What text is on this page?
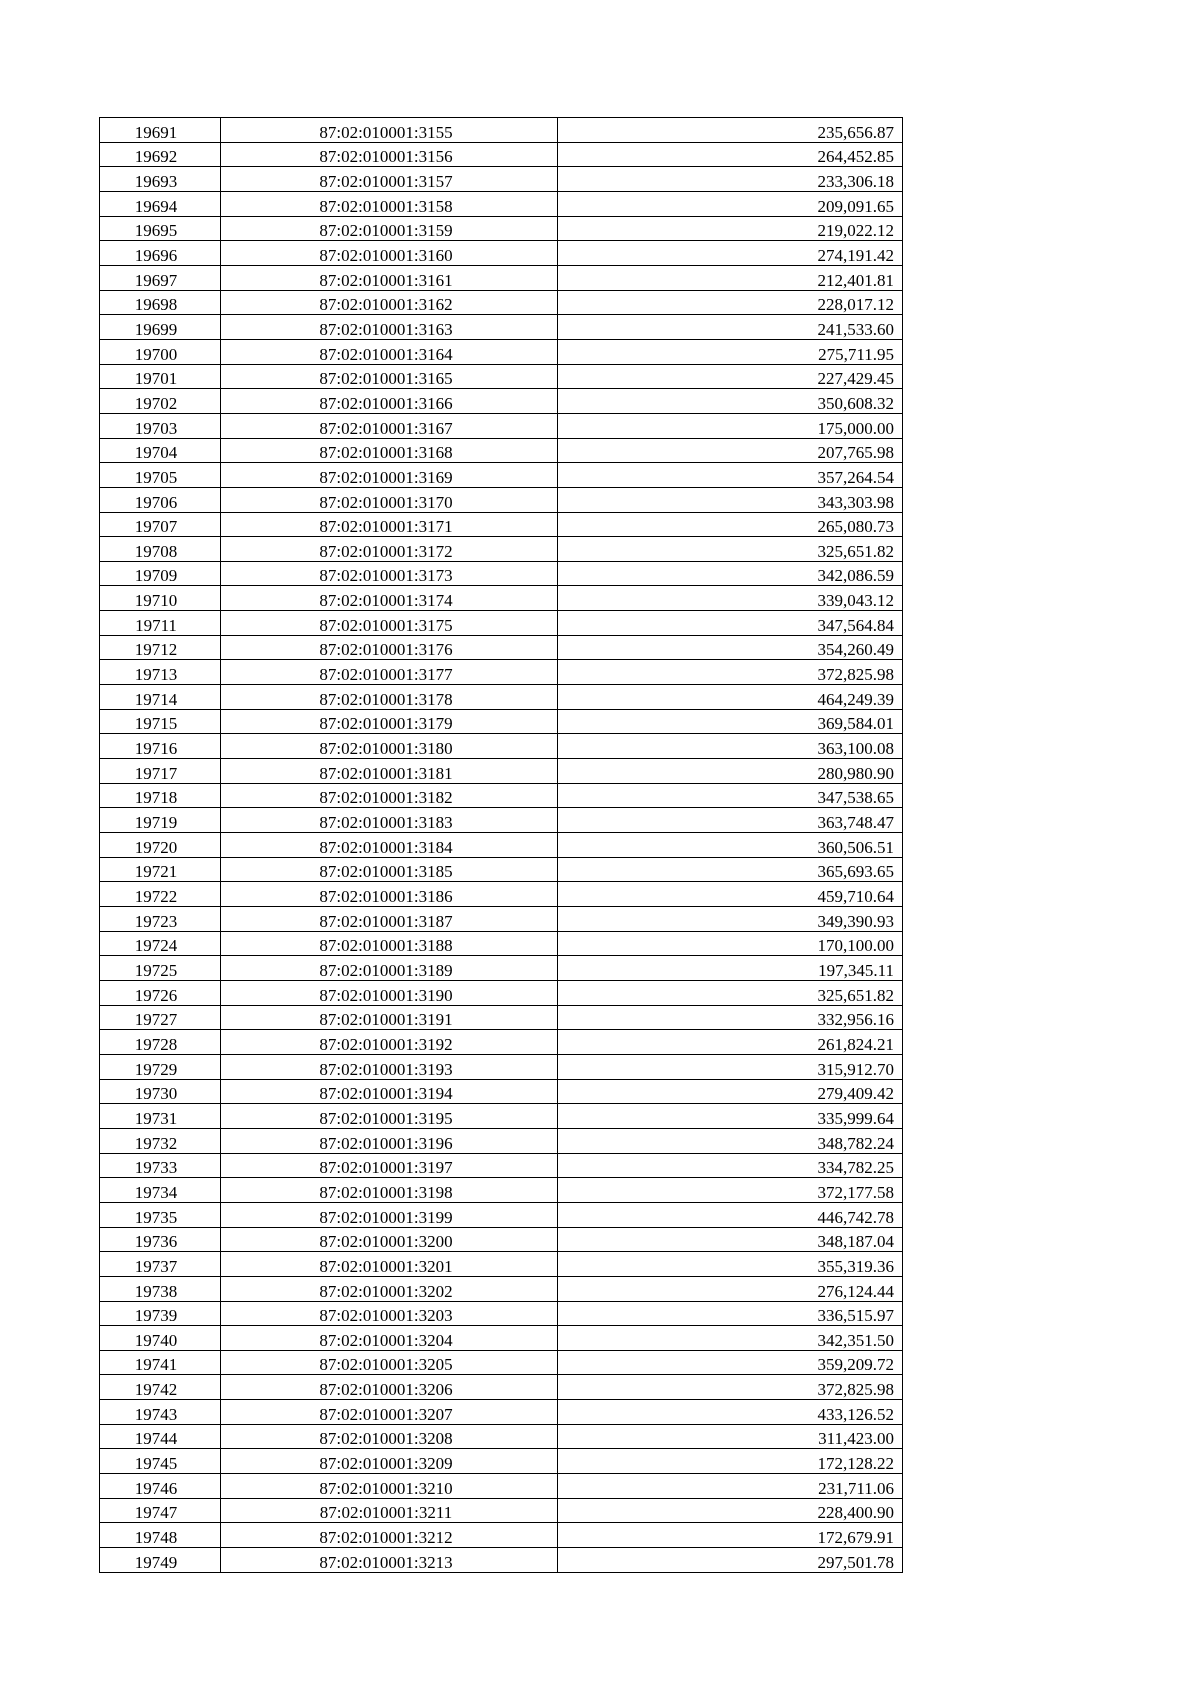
19691	87:02:010001:3155	235,656.87
19692	87:02:010001:3156	264,452.85
19693	87:02:010001:3157	233,306.18
19694	87:02:010001:3158	209,091.65
19695	87:02:010001:3159	219,022.12
19696	87:02:010001:3160	274,191.42
19697	87:02:010001:3161	212,401.81
19698	87:02:010001:3162	228,017.12
19699	87:02:010001:3163	241,533.60
19700	87:02:010001:3164	275,711.95
19701	87:02:010001:3165	227,429.45
19702	87:02:010001:3166	350,608.32
19703	87:02:010001:3167	175,000.00
19704	87:02:010001:3168	207,765.98
19705	87:02:010001:3169	357,264.54
19706	87:02:010001:3170	343,303.98
19707	87:02:010001:3171	265,080.73
19708	87:02:010001:3172	325,651.82
19709	87:02:010001:3173	342,086.59
19710	87:02:010001:3174	339,043.12
19711	87:02:010001:3175	347,564.84
19712	87:02:010001:3176	354,260.49
19713	87:02:010001:3177	372,825.98
19714	87:02:010001:3178	464,249.39
19715	87:02:010001:3179	369,584.01
19716	87:02:010001:3180	363,100.08
19717	87:02:010001:3181	280,980.90
19718	87:02:010001:3182	347,538.65
19719	87:02:010001:3183	363,748.47
19720	87:02:010001:3184	360,506.51
19721	87:02:010001:3185	365,693.65
19722	87:02:010001:3186	459,710.64
19723	87:02:010001:3187	349,390.93
19724	87:02:010001:3188	170,100.00
19725	87:02:010001:3189	197,345.11
19726	87:02:010001:3190	325,651.82
19727	87:02:010001:3191	332,956.16
19728	87:02:010001:3192	261,824.21
19729	87:02:010001:3193	315,912.70
19730	87:02:010001:3194	279,409.42
19731	87:02:010001:3195	335,999.64
19732	87:02:010001:3196	348,782.24
19733	87:02:010001:3197	334,782.25
19734	87:02:010001:3198	372,177.58
19735	87:02:010001:3199	446,742.78
19736	87:02:010001:3200	348,187.04
19737	87:02:010001:3201	355,319.36
19738	87:02:010001:3202	276,124.44
19739	87:02:010001:3203	336,515.97
19740	87:02:010001:3204	342,351.50
19741	87:02:010001:3205	359,209.72
19742	87:02:010001:3206	372,825.98
19743	87:02:010001:3207	433,126.52
19744	87:02:010001:3208	311,423.00
19745	87:02:010001:3209	172,128.22
19746	87:02:010001:3210	231,711.06
19747	87:02:010001:3211	228,400.90
19748	87:02:010001:3212	172,679.91
19749	87:02:010001:3213	297,501.78
